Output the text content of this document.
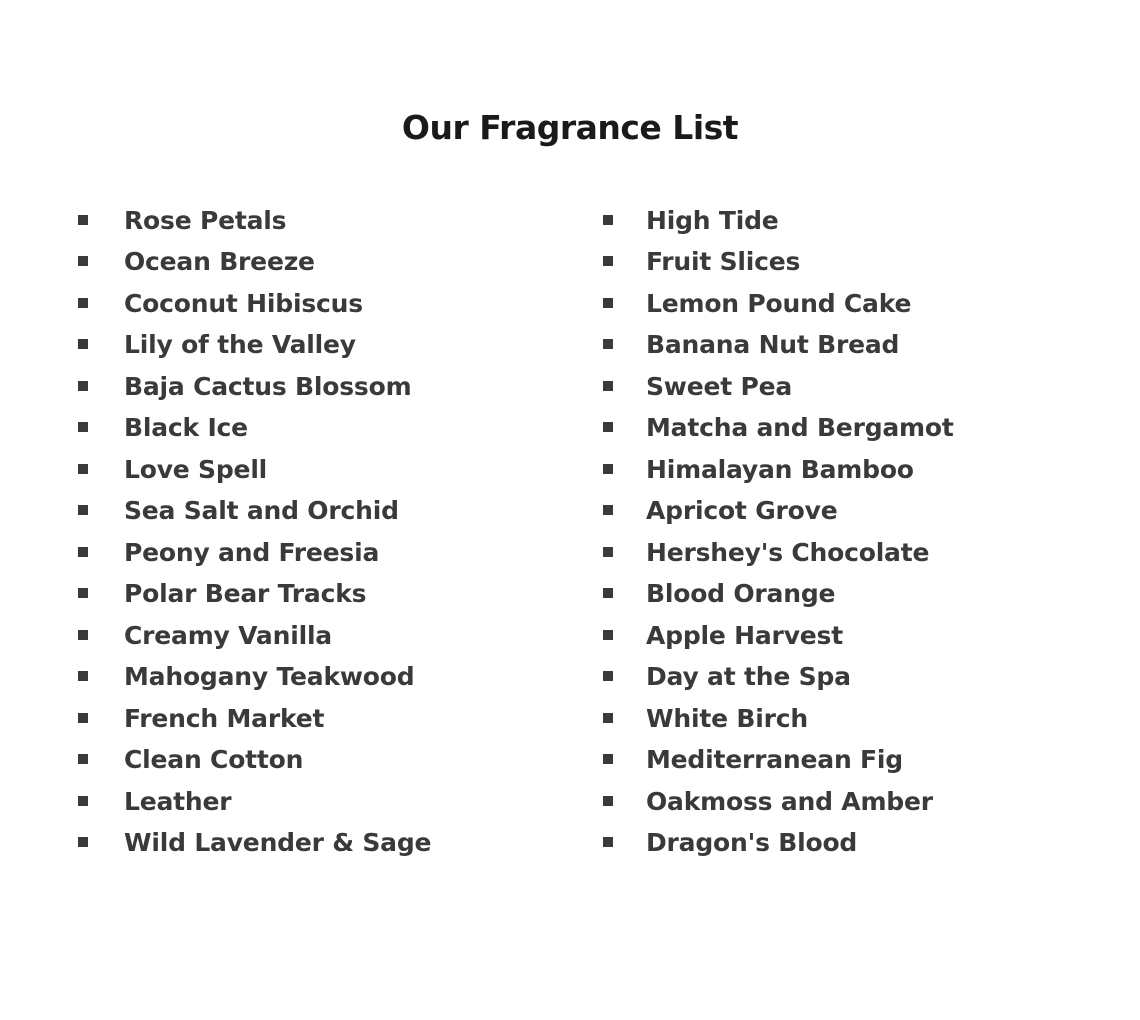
Our Fragrance List
Rose Petals
Ocean Breeze
Coconut Hibiscus
Lily of the Valley
Baja Cactus Blossom
Black Ice
Love Spell
Sea Salt and Orchid
Peony and Freesia
Polar Bear Tracks
Creamy Vanilla
Mahogany Teakwood
French Market
Clean Cotton
Leather
Wild Lavender & Sage
High Tide
Fruit Slices
Lemon Pound Cake
Banana Nut Bread
Sweet Pea
Matcha and Bergamot
Himalayan Bamboo
Apricot Grove
Hershey's Chocolate
Blood Orange
Apple Harvest
Day at the Spa
White Birch
Mediterranean Fig
Oakmoss and Amber
Dragon's Blood
